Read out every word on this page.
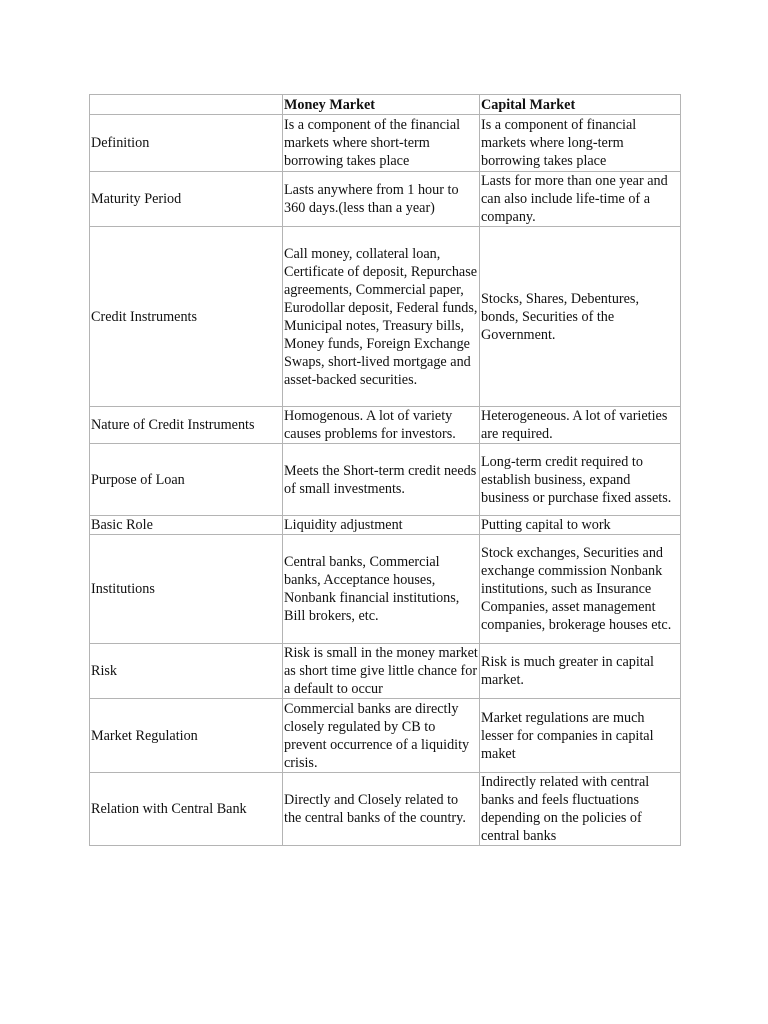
	Money Market	Capital Market
Definition	Is a component of the financial markets where short-term borrowing takes place	Is a component of financial markets where long-term borrowing takes place
Maturity Period	Lasts anywhere from 1 hour to 360 days.(less than a year)	Lasts for more than one year and can also include life-time of a company.
Credit Instruments	Call money, collateral loan, Certificate of deposit, Repurchase agreements, Commercial paper, Eurodollar deposit, Federal funds, Municipal notes, Treasury bills, Money funds, Foreign Exchange Swaps, short-lived mortgage and asset-backed securities.	Stocks, Shares, Debentures, bonds, Securities of the Government.
Nature of Credit Instruments	Homogenous. A lot of variety causes problems for investors.	Heterogeneous. A lot of varieties are required.
Purpose of Loan	Meets the Short-term credit needs of small investments.	Long-term credit required to establish business, expand business or purchase fixed assets.
Basic Role	Liquidity adjustment	Putting capital to work
Institutions	Central banks, Commercial banks, Acceptance houses, Nonbank financial institutions, Bill brokers, etc.	Stock exchanges, Securities and exchange commission Nonbank institutions, such as Insurance Companies, asset management companies, brokerage houses etc.
Risk	Risk is small in the money market as short time give little chance for a default to occur	Risk is much greater in capital market.
Market Regulation	Commercial banks are directly closely regulated by CB to prevent occurrence of a liquidity crisis.	Market regulations are much lesser for companies in capital maket
Relation with Central Bank	Directly and Closely related to the central banks of the country.	Indirectly related with central banks and feels fluctuations depending on the policies of central banks
